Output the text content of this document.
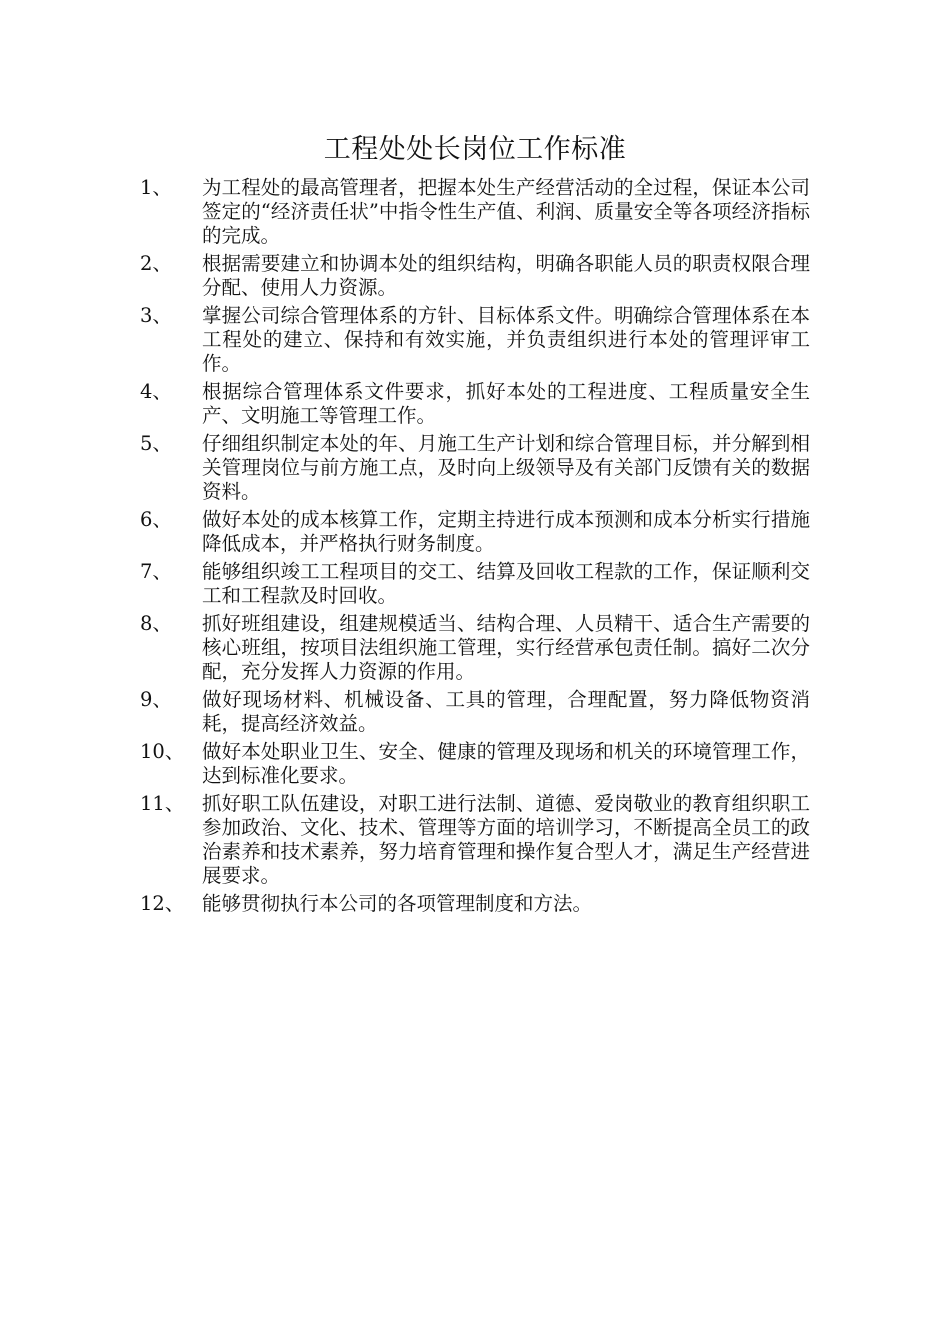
工程处处长岗位工作标准
1、	为工程处的最高管理者，把握本处生产经营活动的全过程，保证本公司签定的“经济责任状”中指令性生产值、利润、质量安全等各项经济指标的完成。
2、	根据需要建立和协调本处的组织结构，明确各职能人员的职责权限合理分配、使用人力资源。
3、	掌握公司综合管理体系的方针、目标体系文件。明确综合管理体系在本工程处的建立、保持和有效实施，并负责组织进行本处的管理评审工作。
4、	根据综合管理体系文件要求，抓好本处的工程进度、工程质量安全生产、文明施工等管理工作。
5、	仔细组织制定本处的年、月施工生产计划和综合管理目标，并分解到相关管理岗位与前方施工点，及时向上级领导及有关部门反馈有关的数据资料。
6、	做好本处的成本核算工作，定期主持进行成本预测和成本分析实行措施降低成本，并严格执行财务制度。
7、	能够组织竣工工程项目的交工、结算及回收工程款的工作，保证顺利交工和工程款及时回收。
8、	抓好班组建设，组建规模适当、结构合理、人员精干、适合生产需要的核心班组，按项目法组织施工管理，实行经营承包责任制。搞好二次分配，充分发挥人力资源的作用。
9、	做好现场材料、机械设备、工具的管理，合理配置，努力降低物资消耗，提高经济效益。
10、 做好本处职业卫生、安全、健康的管理及现场和机关的环境管理工作，达到标准化要求。
11、 抓好职工队伍建设，对职工进行法制、道德、爱岗敬业的教育组织职工参加政治、文化、技术、管理等方面的培训学习，不断提高全员工的政治素养和技术素养，努力培育管理和操作复合型人才，满足生产经营进展要求。
12、 能够贯彻执行本公司的各项管理制度和方法。
